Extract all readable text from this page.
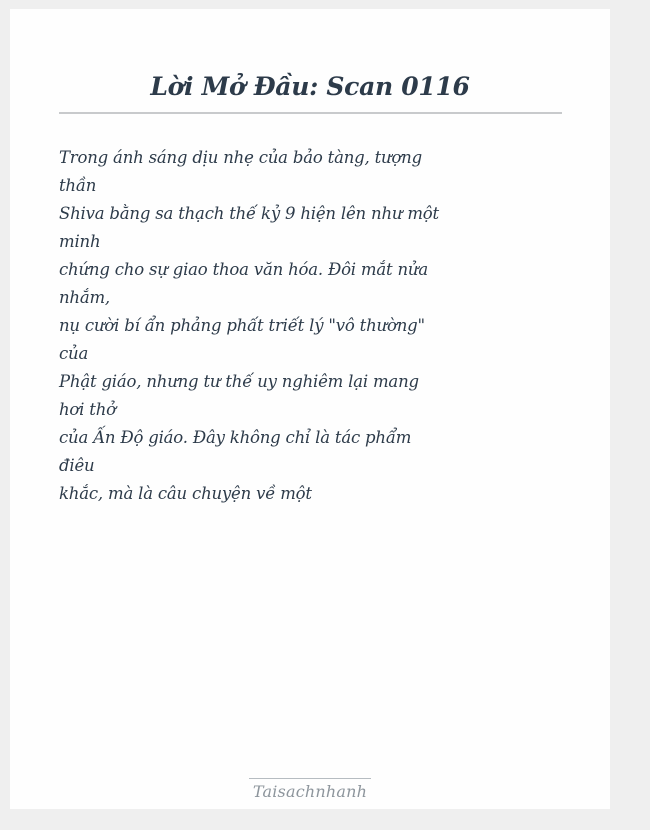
Lời Mở Đầu: Scan 0116
Trong ánh sáng dịu nhẹ của bảo tàng, tượng
thần
Shiva bằng sa thạch thế kỷ 9 hiện lên như một
minh
chứng cho sự giao thoa văn hóa. Đôi mắt nửa
nhắm,
nụ cười bí ẩn phảng phất triết lý "vô thường"
của
Phật giáo, nhưng tư thế uy nghiêm lại mang
hơi thở
của Ấn Độ giáo. Đây không chỉ là tác phẩm
điêu
khắc, mà là câu chuyện về một
Taisachnhanh
